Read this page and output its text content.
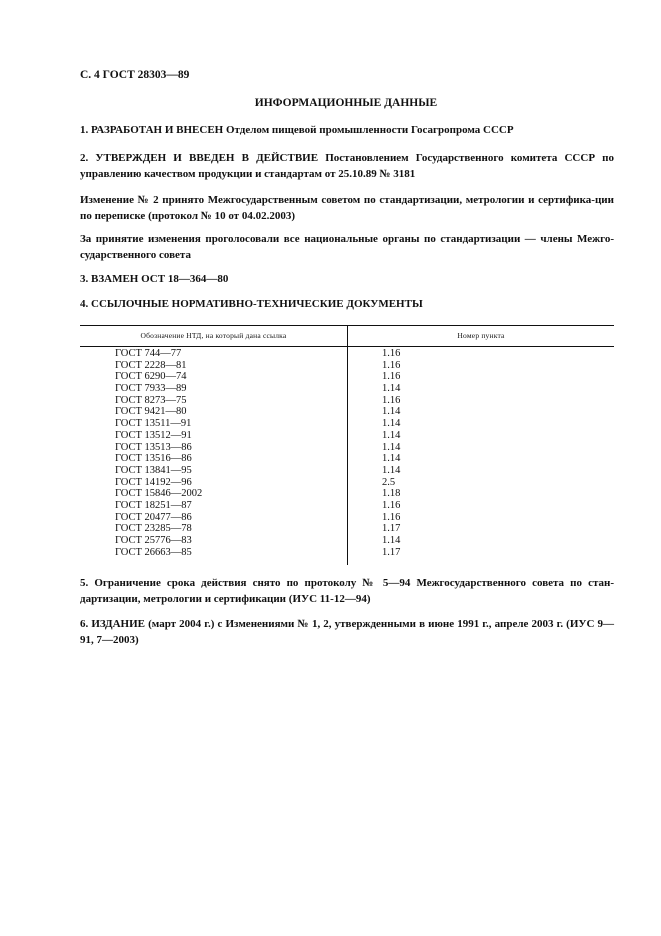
С. 4 ГОСТ 28303—89
ИНФОРМАЦИОННЫЕ ДАННЫЕ
1. РАЗРАБОТАН И ВНЕСЕН Отделом пищевой промышленности Госагропрома СССР
2. УТВЕРЖДЕН И ВВЕДЕН В ДЕЙСТВИЕ Постановлением Государственного комитета СССР по управлению качеством продукции и стандартам от 25.10.89 № 3181
Изменение № 2 принято Межгосударственным советом по стандартизации, метрологии и сертифика-ции по переписке (протокол № 10 от 04.02.2003)
За принятие изменения проголосовали все национальные органы по стандартизации — члены Межго-сударственного совета
3. ВЗАМЕН ОСТ 18—364—80
4. ССЫЛОЧНЫЕ НОРМАТИВНО-ТЕХНИЧЕСКИЕ ДОКУМЕНТЫ
Обозначение НТД, на который дана ссылка	Номер пункта
ГОСТ 744—77
ГОСТ 2228—81
ГОСТ 6290—74
ГОСТ 7933—89
ГОСТ 8273—75
ГОСТ 9421—80
ГОСТ 13511—91
ГОСТ 13512—91
ГОСТ 13513—86
ГОСТ 13516—86
ГОСТ 13841—95
ГОСТ 14192—96
ГОСТ 15846—2002
ГОСТ 18251—87
ГОСТ 20477—86
ГОСТ 23285—78
ГОСТ 25776—83
ГОСТ 26663—85
1.16
1.16
1.16
1.14
1.16
1.14
1.14
1.14
1.14
1.14
1.14
2.5
1.18
1.16
1.16
1.17
1.14
1.17
5. Ограничение срока действия снято по протоколу № 5—94 Межгосударственного совета по стан-дартизации, метрологии и сертификации (ИУС 11-12—94)
6. ИЗДАНИЕ (март 2004 г.) с Изменениями № 1, 2, утвержденными в июне 1991 г., апреле 2003 г. (ИУС 9—91, 7—2003)
